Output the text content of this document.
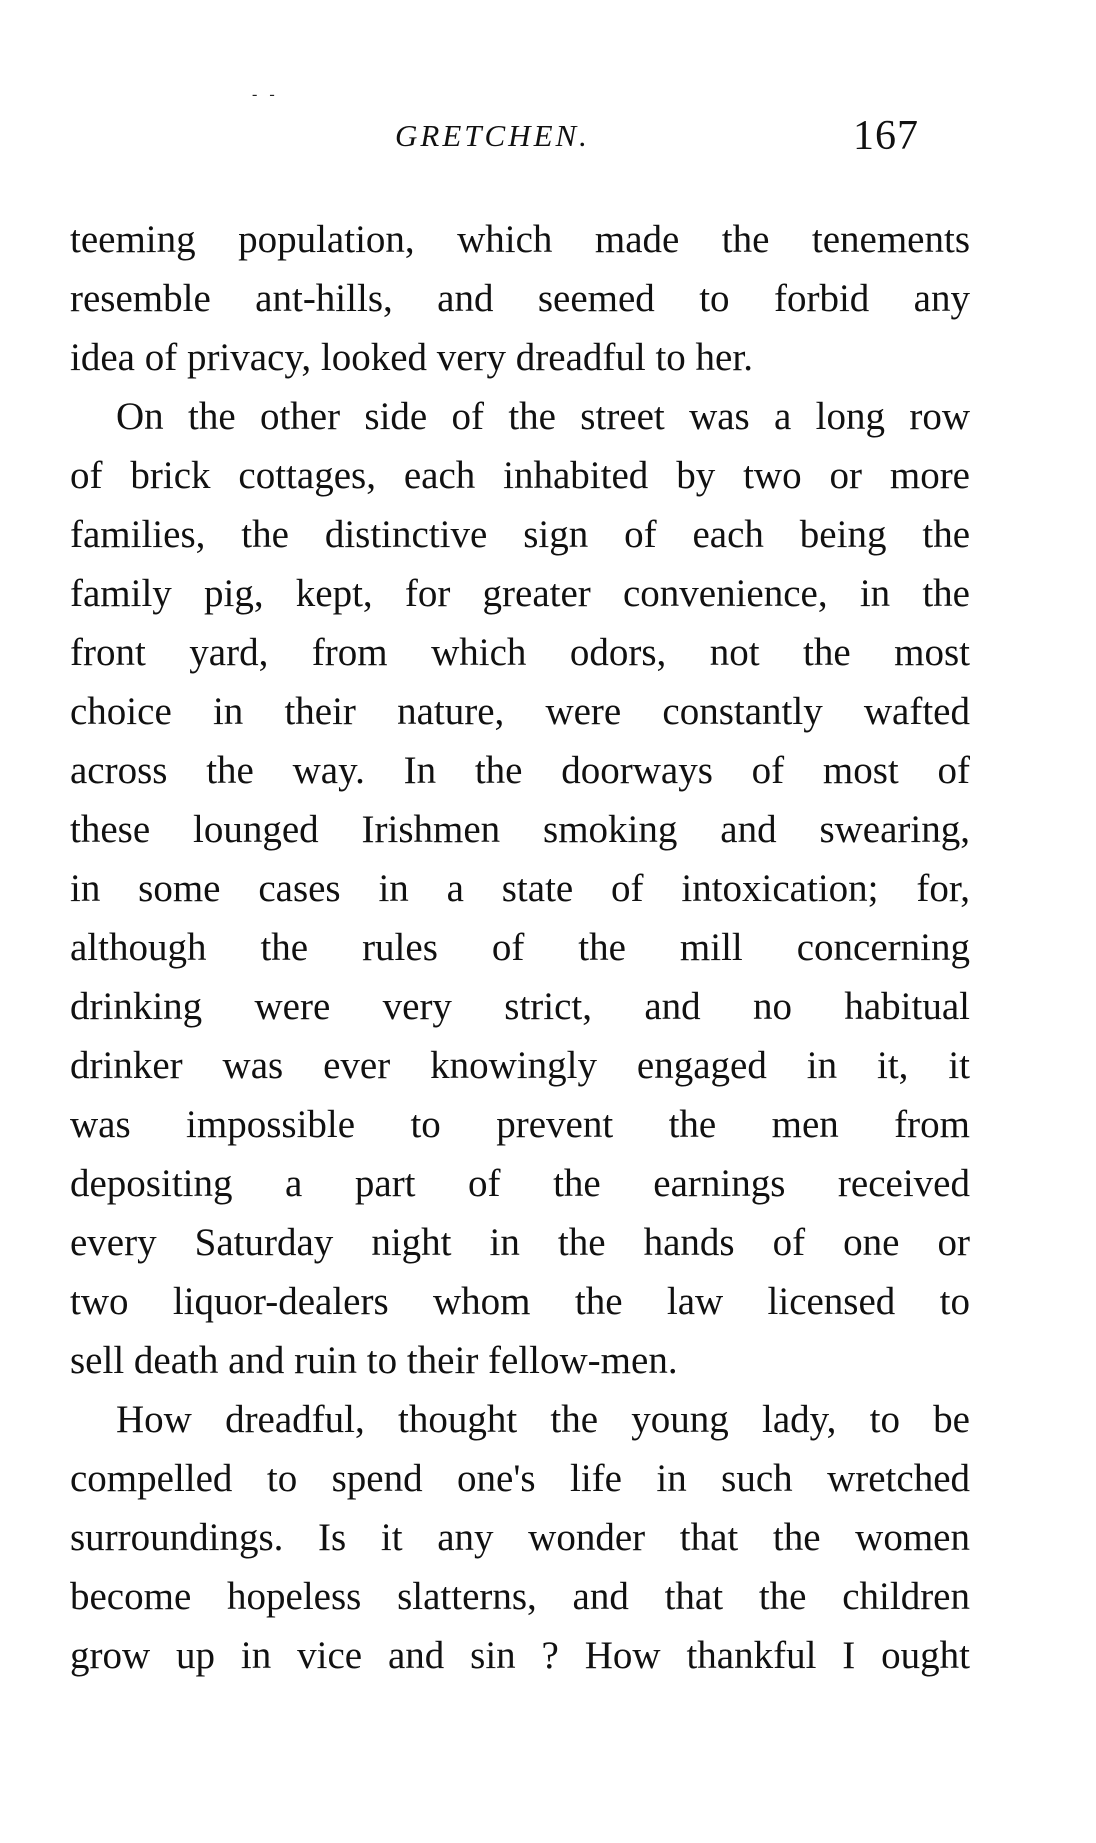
- -
GRETCHEN.	167
teeming population, which made the tenements
resemble ant-hills, and seemed to forbid any
idea of privacy, looked very dreadful to her.
On the other side of the street was a long row
of brick cottages, each inhabited by two or more
families, the distinctive sign of each being the
family pig, kept, for greater convenience, in the
front yard, from which odors, not the most
choice in their nature, were constantly wafted
across the way. In the doorways of most of
these lounged Irishmen smoking and swearing,
in some cases in a state of intoxication; for,
although the rules of the mill concerning
drinking were very strict, and no habitual
drinker was ever knowingly engaged in it, it
was impossible to prevent the men from
depositing a part of the earnings received
every Saturday night in the hands of one or
two liquor-dealers whom the law licensed to
sell death and ruin to their fellow-men.
How dreadful, thought the young lady, to be
compelled to spend one's life in such wretched
surroundings. Is it any wonder that the women
become hopeless slatterns, and that the children
grow up in vice and sin ? How thankful I ought
